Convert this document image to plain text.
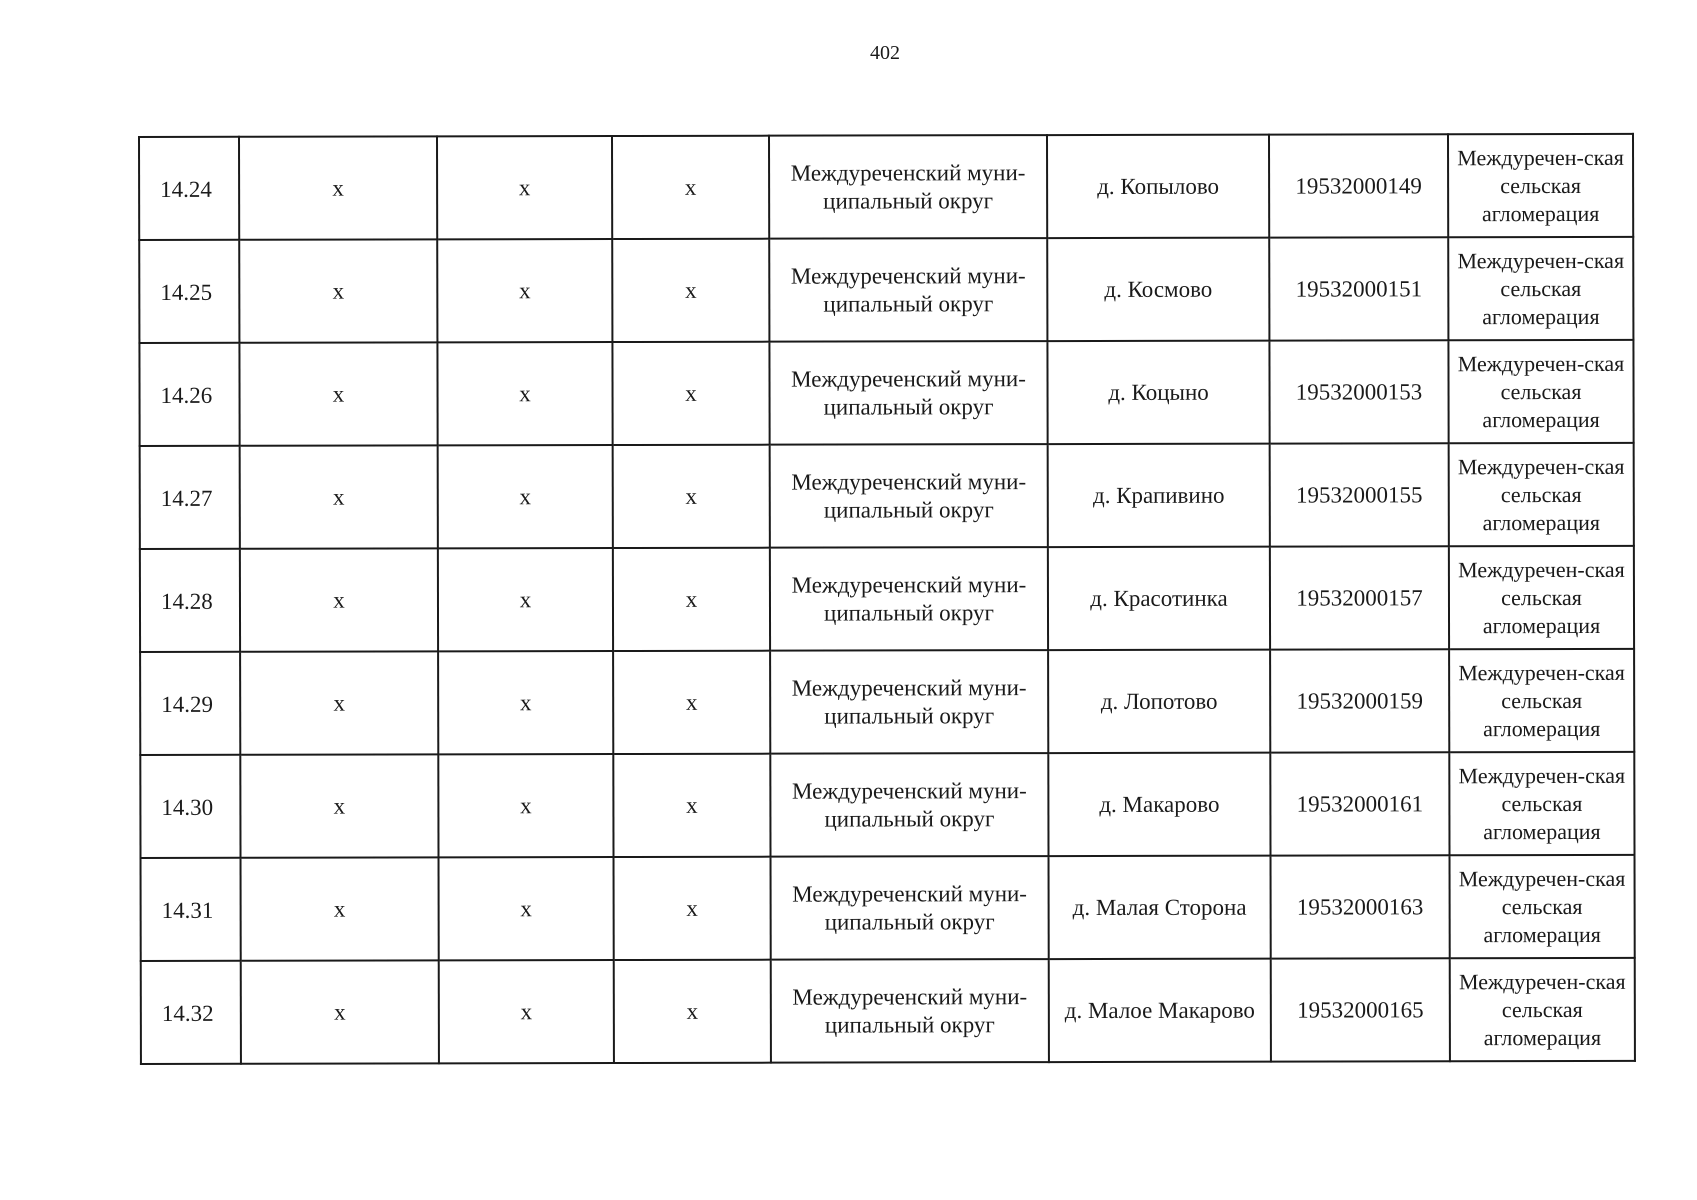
402
14.24	x	x	x	Междуреченский муни-ципальный округ	д. Копылово	19532000149	Междуречен-ская сельская агломерация
14.25	x	x	x	Междуреченский муни-ципальный округ	д. Космово	19532000151	Междуречен-ская сельская агломерация
14.26	x	x	x	Междуреченский муни-ципальный округ	д. Коцыно	19532000153	Междуречен-ская сельская агломерация
14.27	x	x	x	Междуреченский муни-ципальный округ	д. Крапивино	19532000155	Междуречен-ская сельская агломерация
14.28	x	x	x	Междуреченский муни-ципальный округ	д. Красотинка	19532000157	Междуречен-ская сельская агломерация
14.29	x	x	x	Междуреченский муни-ципальный округ	д. Лопотово	19532000159	Междуречен-ская сельская агломерация
14.30	x	x	x	Междуреченский муни-ципальный округ	д. Макарово	19532000161	Междуречен-ская сельская агломерация
14.31	x	x	x	Междуреченский муни-ципальный округ	д. Малая Сторона	19532000163	Междуречен-ская сельская агломерация
14.32	x	x	x	Междуреченский муни-ципальный округ	д. Малое Макарово	19532000165	Междуречен-ская сельская агломерация
